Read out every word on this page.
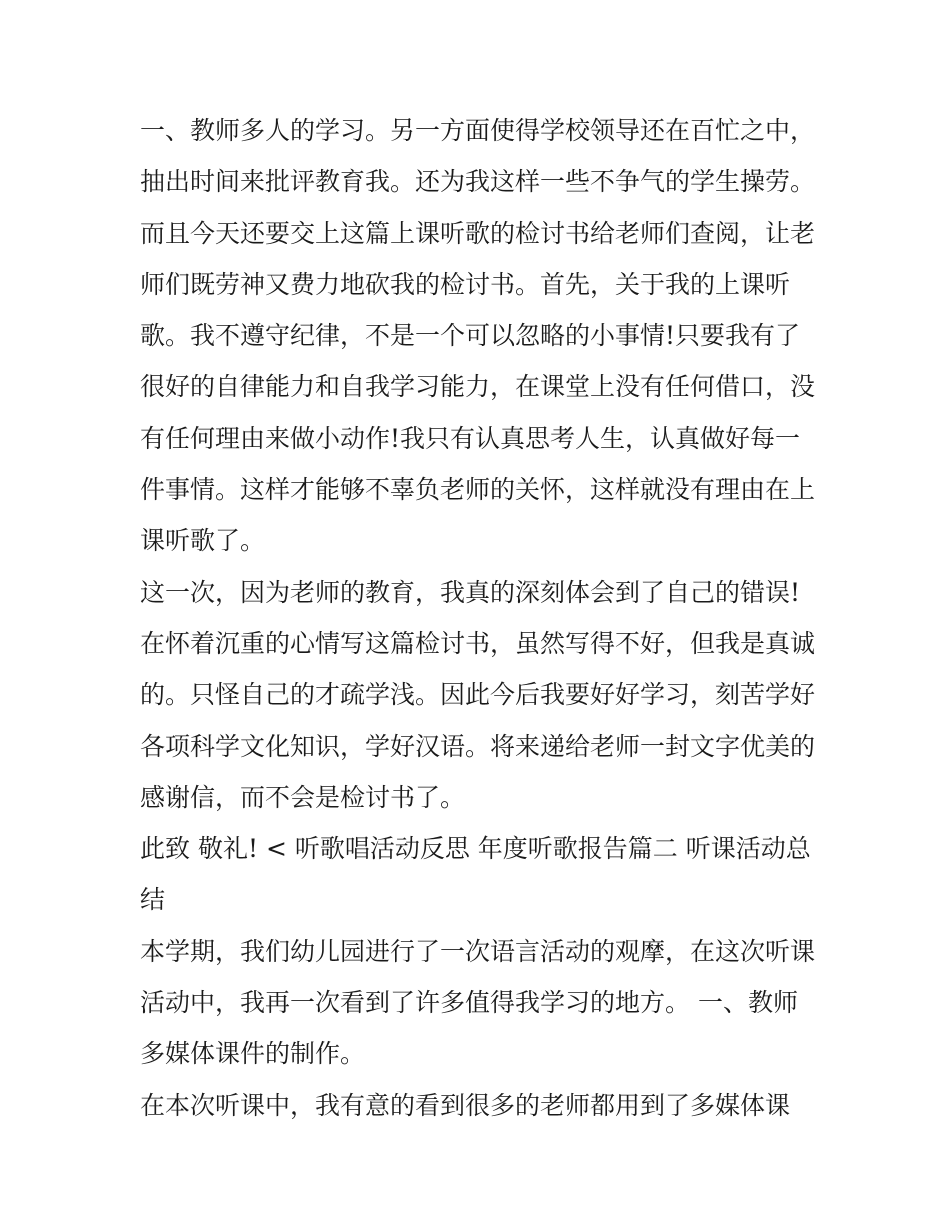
一、教师多人的学习。另一方面使得学校领导还在百忙之中，
抽出时间来批评教育我。还为我这样一些不争气的学生操劳。
而且今天还要交上这篇上课听歌的检讨书给老师们查阅，让老
师们既劳神又费力地砍我的检讨书。首先，关于我的上课听
歌。我不遵守纪律，不是一个可以忽略的小事情!只要我有了
很好的自律能力和自我学习能力，在课堂上没有任何借口，没
有任何理由来做小动作!我只有认真思考人生，认真做好每一
件事情。这样才能够不辜负老师的关怀，这样就没有理由在上
课听歌了。
这一次，因为老师的教育，我真的深刻体会到了自己的错误!
在怀着沉重的心情写这篇检讨书，虽然写得不好，但我是真诚
的。只怪自己的才疏学浅。因此今后我要好好学习，刻苦学好
各项科学文化知识，学好汉语。将来递给老师一封文字优美的
感谢信，而不会是检讨书了。
此致 敬礼! < 听歌唱活动反思 年度听歌报告篇二 听课活动总
结
本学期，我们幼儿园进行了一次语言活动的观摩，在这次听课
活动中，我再一次看到了许多值得我学习的地方。 一、教师
多媒体课件的制作。
在本次听课中，我有意的看到很多的老师都用到了多媒体课
